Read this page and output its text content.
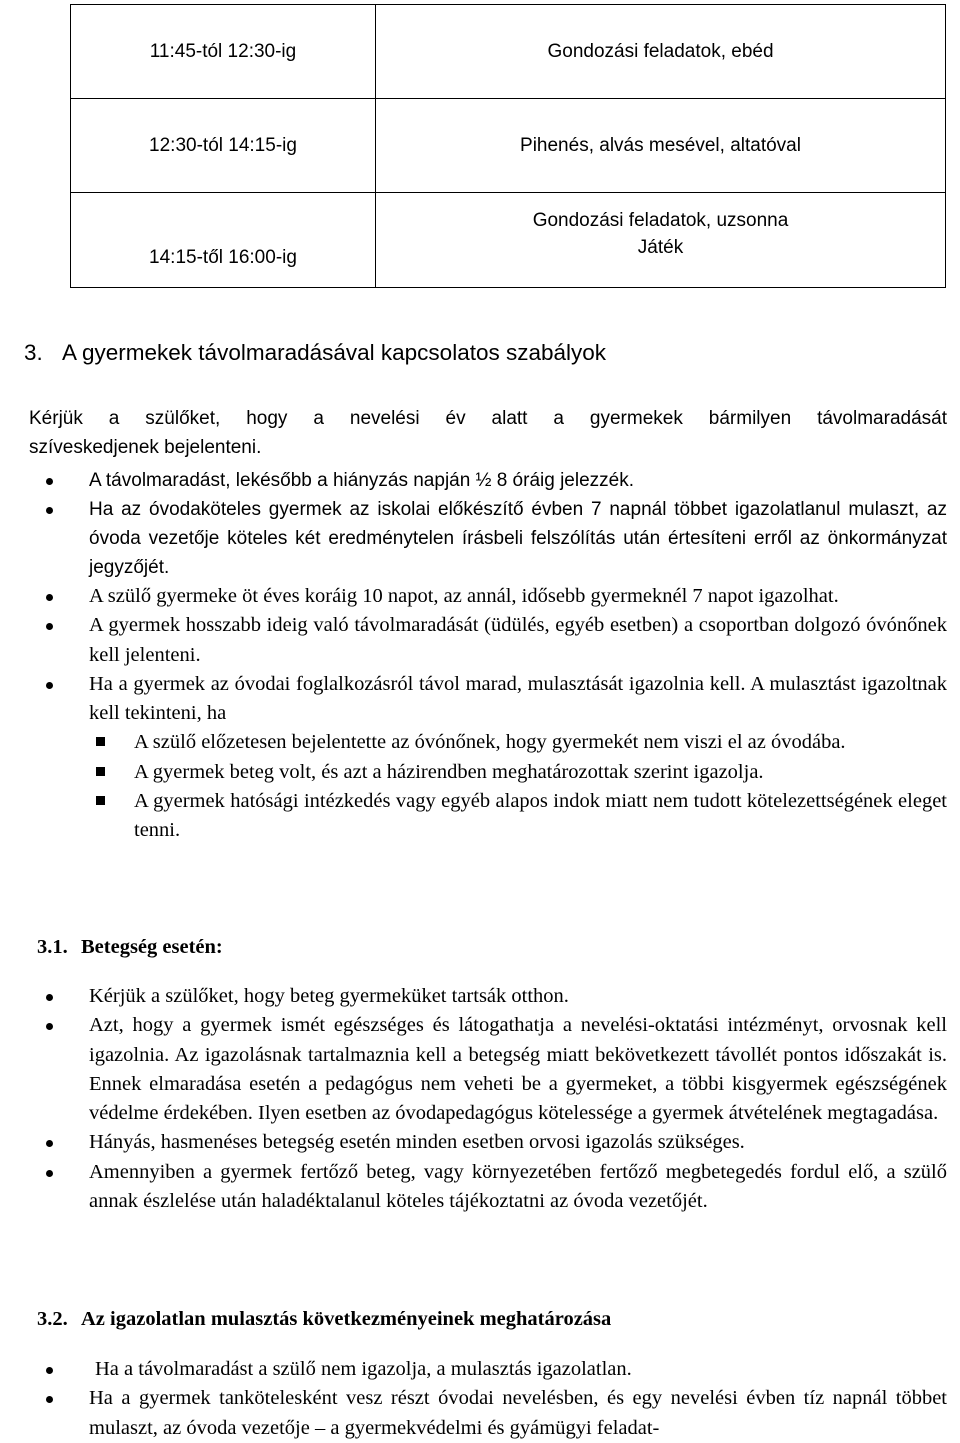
11:45-tól 12:30-ig	Gondozási feladatok, ebéd
12:30-tól 14:15-ig	Pihenés, alvás mesével, altatóval
14:15-től 16:00-ig	Gondozási feladatok, uzsonna
Játék
3. A gyermekek távolmaradásával kapcsolatos szabályok
Kérjük a szülőket, hogy a nevelési év alatt a gyermekek bármilyen távolmaradását
szíveskedjenek bejelenteni.
A távolmaradást, lekésőbb a hiányzás napján ½ 8 óráig jelezzék.
Ha az óvodaköteles gyermek az iskolai előkészítő évben 7 napnál többet igazolatlanul mulaszt, az óvoda vezetője köteles két eredménytelen írásbeli felszólítás után értesíteni erről az önkormányzat jegyzőjét.
A szülő gyermeke öt éves koráig 10 napot, az annál, idősebb gyermeknél 7 napot igazolhat.
A gyermek hosszabb ideig való távolmaradását (üdülés, egyéb esetben) a csoportban dolgozó óvónőnek kell jelenteni.
Ha a gyermek az óvodai foglalkozásról távol marad, mulasztását igazolnia kell. A mulasztást igazoltnak kell tekinteni, ha
A szülő előzetesen bejelentette az óvónőnek, hogy gyermekét nem viszi el az óvodába.
A gyermek beteg volt, és azt a házirendben meghatározottak szerint igazolja.
A gyermek hatósági intézkedés vagy egyéb alapos indok miatt nem tudott kötelezettségének eleget tenni.
3.1. Betegség esetén:
Kérjük a szülőket, hogy beteg gyermeküket tartsák otthon.
Azt, hogy a gyermek ismét egészséges és látogathatja a nevelési-oktatási intézményt, orvosnak kell igazolnia. Az igazolásnak tartalmaznia kell a betegség miatt bekövetkezett távollét pontos időszakát is. Ennek elmaradása esetén a pedagógus nem veheti be a gyermeket, a többi kisgyermek egészségének védelme érdekében. Ilyen esetben az óvodapedagógus kötelessége a gyermek átvételének megtagadása.
Hányás, hasmenéses betegség esetén minden esetben orvosi igazolás szükséges.
Amennyiben a gyermek fertőző beteg, vagy környezetében fertőző megbetegedés fordul elő, a szülő annak észlelése után haladéktalanul köteles tájékoztatni az óvoda vezetőjét.
3.2. Az igazolatlan mulasztás következményeinek meghatározása
Ha a távolmaradást a szülő nem igazolja, a mulasztás igazolatlan.
Ha a gyermek tankötelesként vesz részt óvodai nevelésben, és egy nevelési évben tíz napnál többet mulaszt, az óvoda vezetője – a gyermekvédelmi és gyámügyi feladat-
